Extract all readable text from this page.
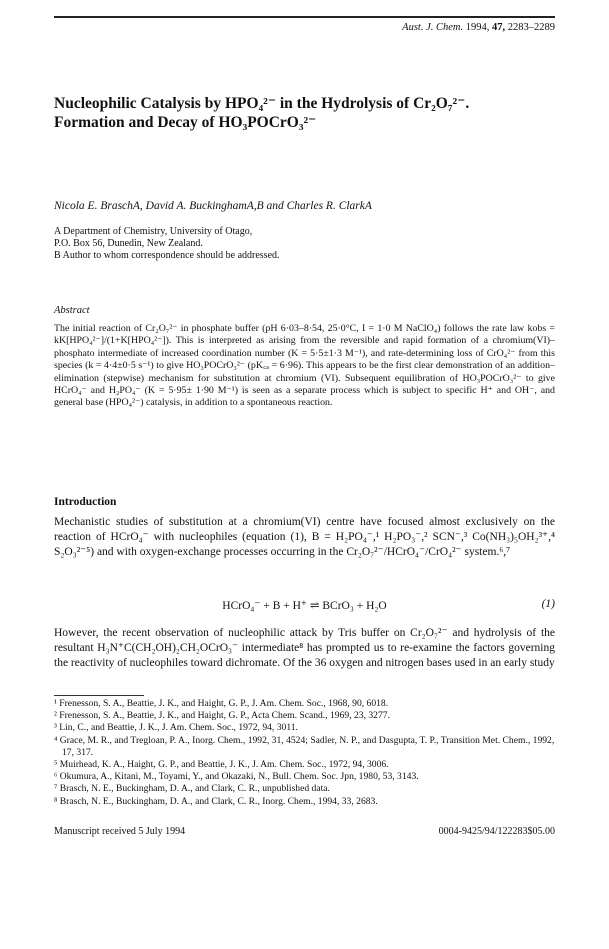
Aust. J. Chem. 1994, 47, 2283–2289
Nucleophilic Catalysis by HPO₄²⁻ in the Hydrolysis of Cr₂O₇²⁻. Formation and Decay of HO₃POCrO₃²⁻
Nicola E. BraschA, David A. BuckinghamA,B and Charles R. ClarkA
A Department of Chemistry, University of Otago,
P.O. Box 56, Dunedin, New Zealand.
B Author to whom correspondence should be addressed.
Abstract
The initial reaction of Cr₂O₇²⁻ in phosphate buffer (pH 6·03–8·54, 25·0°C, I = 1·0 M NaClO₄) follows the rate law kobs = kK[HPO₄²⁻]/(1+K[HPO₄²⁻]). This is interpreted as arising from the reversible and rapid formation of a chromium(VI)–phosphato intermediate of increased coordination number (K = 5·5±1·3 M⁻¹), and rate-determining loss of CrO₄²⁻ from this species (k = 4·4±0·5 s⁻¹) to give HO₃POCrO₃²⁻ (pK꜀ₐ = 6·96). This appears to be the first clear demonstration of an addition–elimination (stepwise) mechanism for substitution at chromium (VI). Subsequent equilibration of HO₃POCrO₃²⁻ to give HCrO₄⁻ and H₂PO₄⁻ (K = 5·95± 1·90 M⁻¹) is seen as a separate process which is subject to specific H⁺ and OH⁻, and general base (HPO₄²⁻) catalysis, in addition to a spontaneous reaction.
Introduction
Mechanistic studies of substitution at a chromium(VI) centre have focused almost exclusively on the reaction of HCrO₄⁻ with nucleophiles (equation (1), B = H₂PO₄⁻,¹ H₂PO₃⁻,² SCN⁻,³ Co(NH₃)₅OH₂³⁺,⁴ S₂O₃²⁻⁵) and with oxygen-exchange processes occurring in the Cr₂O₇²⁻/HCrO₄⁻/CrO₄²⁻ system.⁶,⁷
HCrO₄⁻ + B + H⁺ ⇌ BCrO₃ + H₂O	(1)
However, the recent observation of nucleophilic attack by Tris buffer on Cr₂O₇²⁻ and hydrolysis of the resultant H₃N⁺C(CH₂OH)₂CH₂OCrO₃⁻ intermediate⁸ has prompted us to re-examine the factors governing the reactivity of nucleophiles toward dichromate. Of the 36 oxygen and nitrogen bases used in an early study
¹ Frenesson, S. A., Beattie, J. K., and Haight, G. P., J. Am. Chem. Soc., 1968, 90, 6018.
² Frenesson, S. A., Beattie, J. K., and Haight, G. P., Acta Chem. Scand., 1969, 23, 3277.
³ Lin, C., and Beattie, J. K., J. Am. Chem. Soc., 1972, 94, 3011.
⁴ Grace, M. R., and Tregloan, P. A., Inorg. Chem., 1992, 31, 4524; Sadler, N. P., and Dasgupta, T. P., Transition Met. Chem., 1992, 17, 317.
⁵ Muirhead, K. A., Haight, G. P., and Beattie, J. K., J. Am. Chem. Soc., 1972, 94, 3006.
⁶ Okumura, A., Kitani, M., Toyami, Y., and Okazaki, N., Bull. Chem. Soc. Jpn, 1980, 53, 3143.
⁷ Brasch, N. E., Buckingham, D. A., and Clark, C. R., unpublished data.
⁸ Brasch, N. E., Buckingham, D. A., and Clark, C. R., Inorg. Chem., 1994, 33, 2683.
Manuscript received 5 July 1994	0004-9425/94/122283$05.00
